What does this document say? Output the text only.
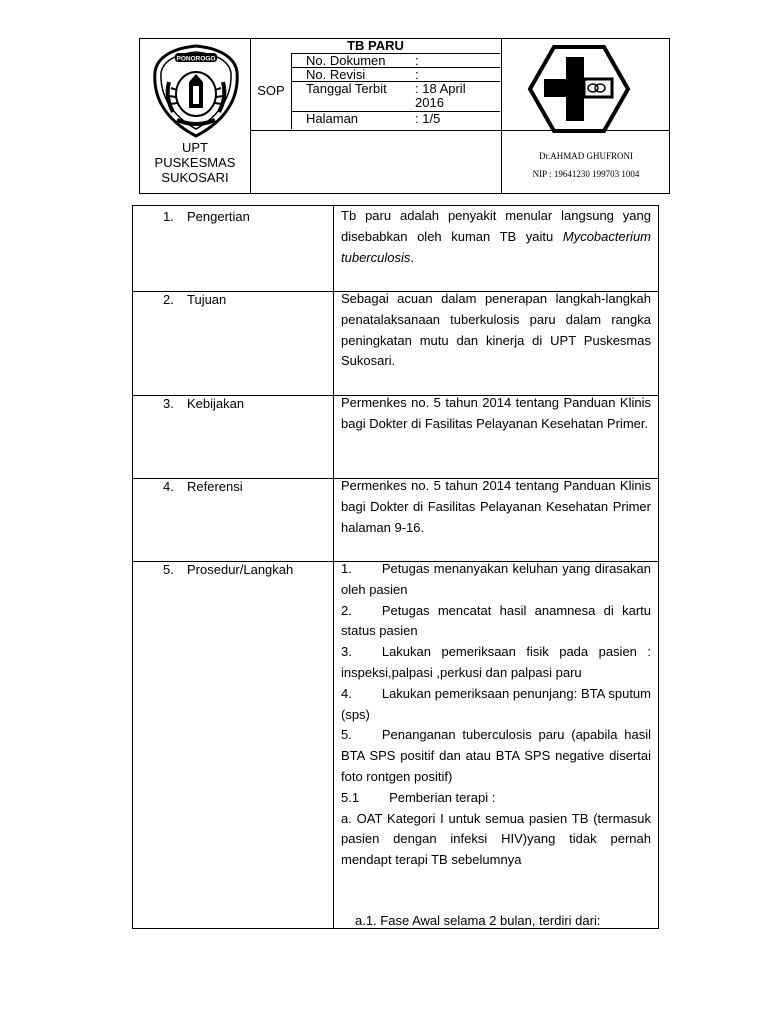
PONOROGO
UPT
PUSKESMAS
SUKOSARI
SOP
TB PARU
No. Dokumen :
No. Revisi	:
Tanggal Terbit : 18 April 2016
Halaman	: 1/5
Dr.AHMAD GHUFRONI
NIP : 19641230 199703 1004
1. Pengertian
2. Tujuan
3. Kebijakan
4. Referensi
5. Prosedur/Langkah
Tb paru adalah penyakit menular langsung yang disebabkan oleh kuman TB yaitu Mycobacterium tuberculosis.
Sebagai acuan dalam penerapan langkah-langkah penatalaksanaan tuberkulosis paru dalam rangka peningkatan mutu dan kinerja di UPT Puskesmas Sukosari.
Permenkes no. 5 tahun 2014 tentang Panduan Klinis bagi Dokter di Fasilitas Pelayanan Kesehatan Primer.
Permenkes no. 5 tahun 2014 tentang Panduan Klinis bagi Dokter di Fasilitas Pelayanan Kesehatan Primer halaman 9-16.

1. Petugas menanyakan keluhan yang dirasakan oleh pasien

2. Petugas mencatat hasil anamnesa di kartu status pasien

3. Lakukan pemeriksaan fisik pada pasien : inspeksi,palpasi ,perkusi dan palpasi paru

4. Lakukan pemeriksaan penunjang: BTA sputum (sps)

5. Penanganan tuberculosis paru (apabila hasil BTA SPS positif dan atau BTA SPS negative disertai foto rontgen positif)

5.1 Pemberian terapi :

a. OAT Kategori I untuk semua pasien TB (termasuk pasien dengan infeksi HIV)yang tidak pernah mendapt terapi TB sebelumnya

a.1. Fase Awal selama 2 bulan, terdiri dari:
